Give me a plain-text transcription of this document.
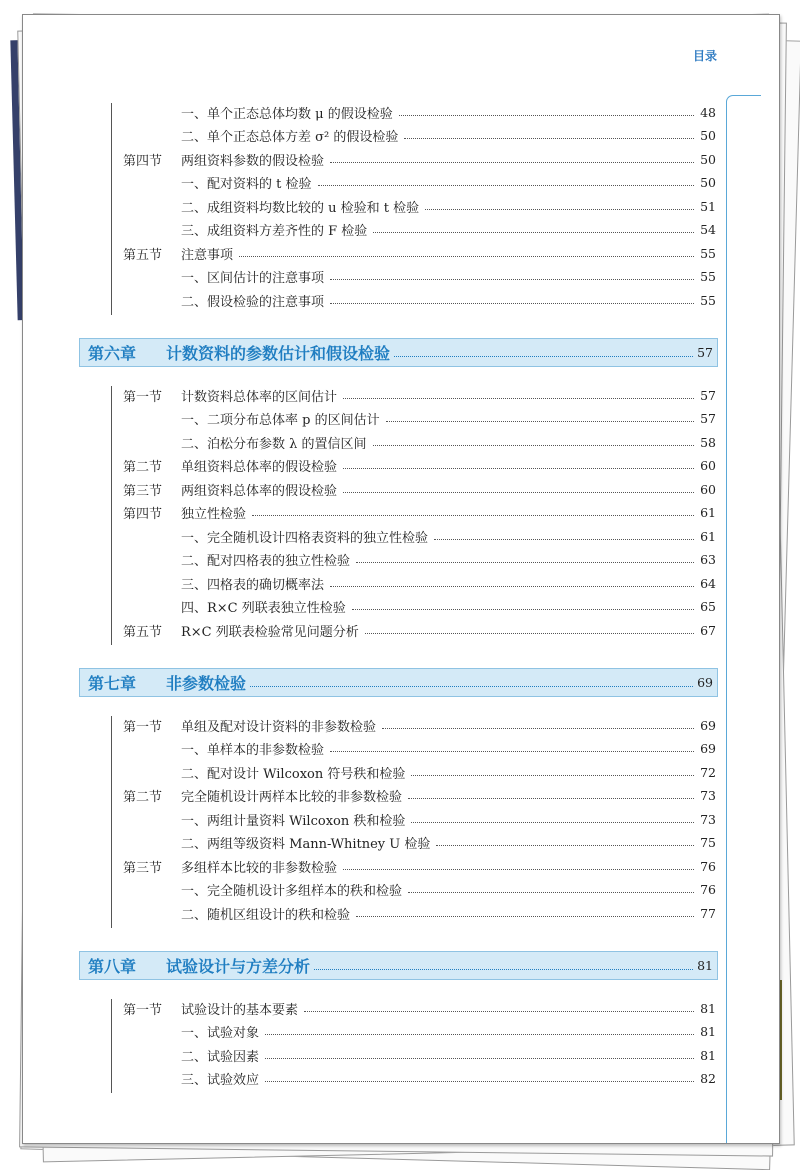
目录
一、单个正态总体均数 μ 的假设检验	48
二、单个正态总体方差 σ² 的假设检验	50
第四节	两组资料参数的假设检验	50
一、配对资料的 t 检验	50
二、成组资料均数比较的 u 检验和 t 检验	51
三、成组资料方差齐性的 F 检验	54
第五节	注意事项	55
一、区间估计的注意事项	55
二、假设检验的注意事项	55
第六章	计数资料的参数估计和假设检验	57
第一节	计数资料总体率的区间估计	57
一、二项分布总体率 p 的区间估计	57
二、泊松分布参数 λ 的置信区间	58
第二节	单组资料总体率的假设检验	60
第三节	两组资料总体率的假设检验	60
第四节	独立性检验	61
一、完全随机设计四格表资料的独立性检验	61
二、配对四格表的独立性检验	63
三、四格表的确切概率法	64
四、R×C 列联表独立性检验	65
第五节	R×C 列联表检验常见问题分析	67
第七章	非参数检验	69
第一节	单组及配对设计资料的非参数检验	69
一、单样本的非参数检验	69
二、配对设计 Wilcoxon 符号秩和检验	72
第二节	完全随机设计两样本比较的非参数检验	73
一、两组计量资料 Wilcoxon 秩和检验	73
二、两组等级资料 Mann-Whitney U 检验	75
第三节	多组样本比较的非参数检验	76
一、完全随机设计多组样本的秩和检验	76
二、随机区组设计的秩和检验	77
第八章	试验设计与方差分析	81
第一节	试验设计的基本要素	81
一、试验对象	81
二、试验因素	81
三、试验效应	82
